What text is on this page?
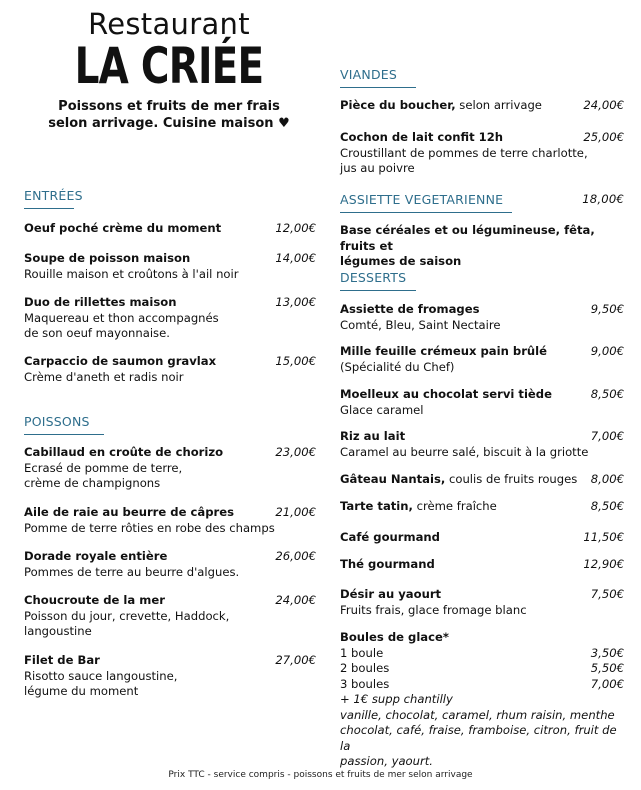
Restaurant
LA CRIÉE
Poissons et fruits de mer frais
selon arrivage. Cuisine maison ♥
ENTRÉES
Oeuf poché crème du moment	12,00€
Soupe de poisson maison	14,00€
Rouille maison et croûtons à l'ail noir
Duo de rillettes maison	13,00€
Maquereau et thon accompagnés
de son oeuf mayonnaise.
Carpaccio de saumon gravlax	15,00€
Crème d'aneth et radis noir
POISSONS
Cabillaud en croûte de chorizo	23,00€
Ecrasé de pomme de terre,
crème de champignons
Aile de raie au beurre de câpres	21,00€
Pomme de terre rôties en robe des champs
Dorade royale entière	26,00€
Pommes de terre au beurre d'algues.
Choucroute de la mer	24,00€
Poisson du jour, crevette, Haddock,
langoustine
Filet de Bar	27,00€
Risotto sauce langoustine,
légume du moment
VIANDES
Pièce du boucher, selon arrivage	24,00€
Cochon de lait confit 12h	25,00€
Croustillant de pommes de terre charlotte,
jus au poivre
ASSIETTE VEGETARIENNE	18,00€
Base céréales et ou légumineuse, fêta, fruits et
légumes de saison
DESSERTS
Assiette de fromages	9,50€
Comté, Bleu, Saint Nectaire
Mille feuille crémeux pain brûlé	9,00€
(Spécialité du Chef)
Moelleux au chocolat servi tiède	8,50€
Glace caramel
Riz au lait	7,00€
Caramel au beurre salé, biscuit à la griotte
Gâteau Nantais, coulis de fruits rouges	8,00€
Tarte tatin, crème fraîche	8,50€
Café gourmand	11,50€
Thé gourmand	12,90€
Désir au yaourt	7,50€
Fruits frais, glace fromage blanc
Boules de glace*
1 boule	3,50€
2 boules	5,50€
3 boules	7,00€
+ 1€ supp chantilly
vanille, chocolat, caramel, rhum raisin, menthe
chocolat, café, fraise, framboise, citron, fruit de la
passion, yaourt.
Prix TTC - service compris - poissons et fruits de mer selon arrivage
